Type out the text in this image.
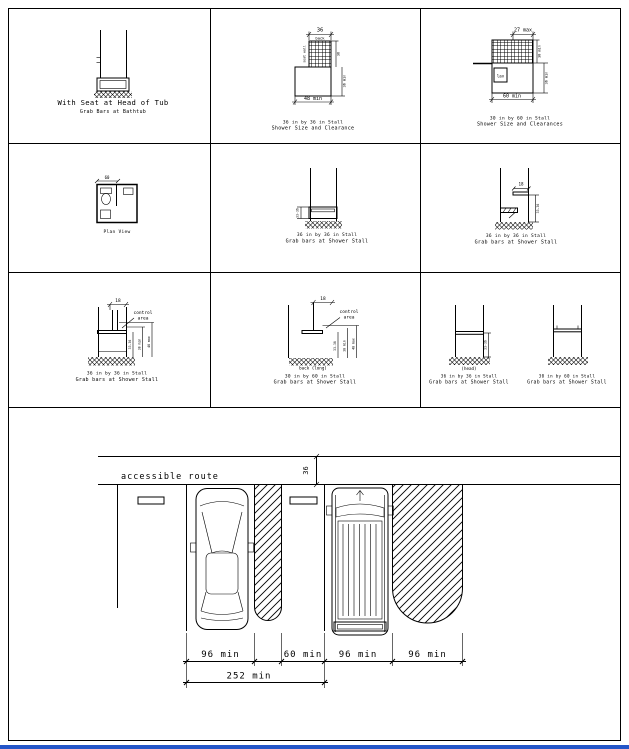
With Seat at Head of Tub
Grab Bars at Bathtub
36
back
seat wall	36
36 min
48 min
36 in by 36 in Stall
Shower Size and Clearance
27 max
30 min
36 min
lav
60 min
30 in by 60 in Stall
Shower Size and Clearances
60
Plan View
33-36
36 in by 36 in Stall
Grab bars at Shower Stall
18
33-36
36 in by 36 in Stall
Grab bars at Shower Stall
18
control
area
33-36 38 min 48 max
36 in by 36 in Stall
Grab bars at Shower Stall
18
control
area
33-36 38 min 48 max
back (long)
30 in by 60 in Stall
Grab bars at Shower Stall
33-36
(head)
36 in by 36 in Stall
Grab bars at Shower Stall
30 in by 60 in Stall
Grab bars at Shower Stall
accessible route
36
96 min	60 min 96 min	96 min
252 min
